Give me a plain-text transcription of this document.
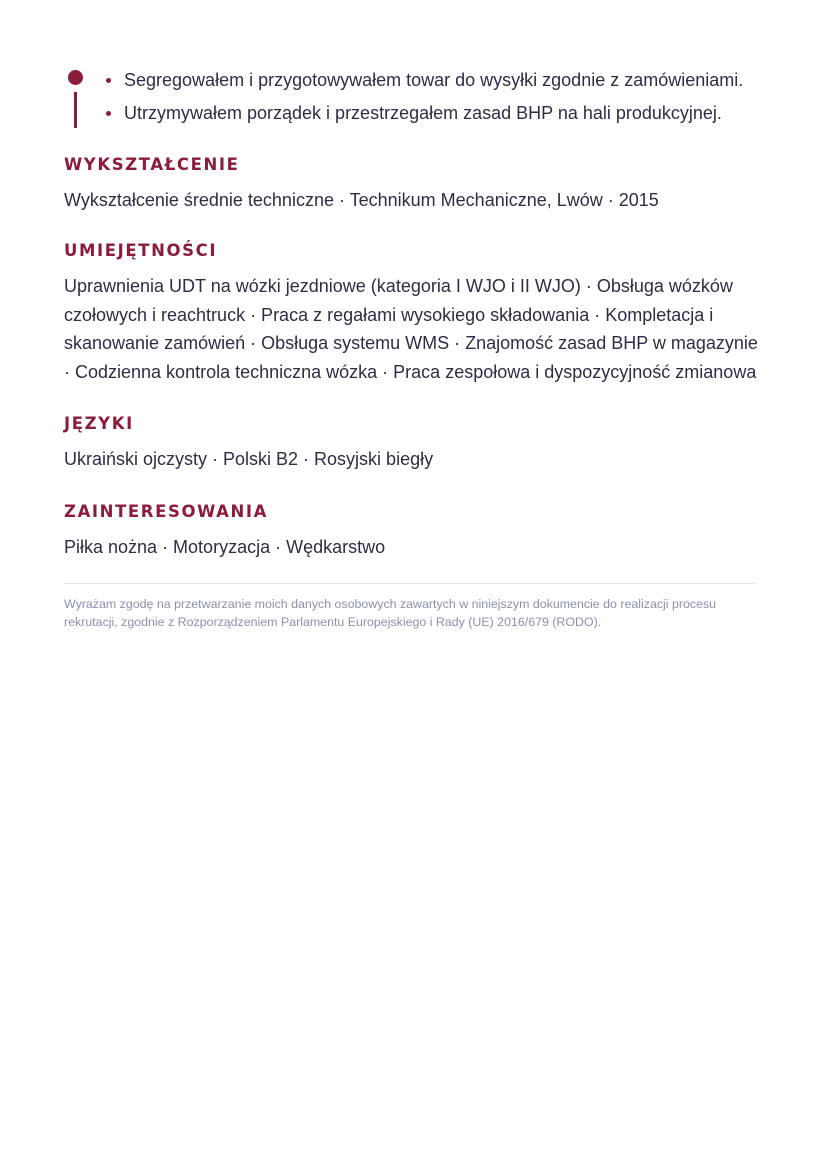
Segregowałem i przygotowywałem towar do wysyłki zgodnie z zamówieniami.
Utrzymywałem porządek i przestrzegałem zasad BHP na hali produkcyjnej.
WYKSZTAŁCENIE

Wykształcenie średnie techniczne · Technikum Mechaniczne, Lwów · 2015

UMIEJĘTNOŚCI

Uprawnienia UDT na wózki jezdniowe (kategoria I WJO i II WJO) · Obsługa wózków czołowych i reachtruck · Praca z regałami wysokiego składowania · Kompletacja i skanowanie zamówień · Obsługa systemu WMS · Znajomość zasad BHP w magazynie · Codzienna kontrola techniczna wózka · Praca zespołowa i dyspozycyjność zmianowa

JĘZYKI

Ukraiński ojczysty · Polski B2 · Rosyjski biegły

ZAINTERESOWANIA

Piłka nożna · Motoryzacja · Wędkarstwo

Wyrażam zgodę na przetwarzanie moich danych osobowych zawartych w niniejszym dokumencie do realizacji procesu rekrutacji, zgodnie z Rozporządzeniem Parlamentu Europejskiego i Rady (UE) 2016/679 (RODO).
